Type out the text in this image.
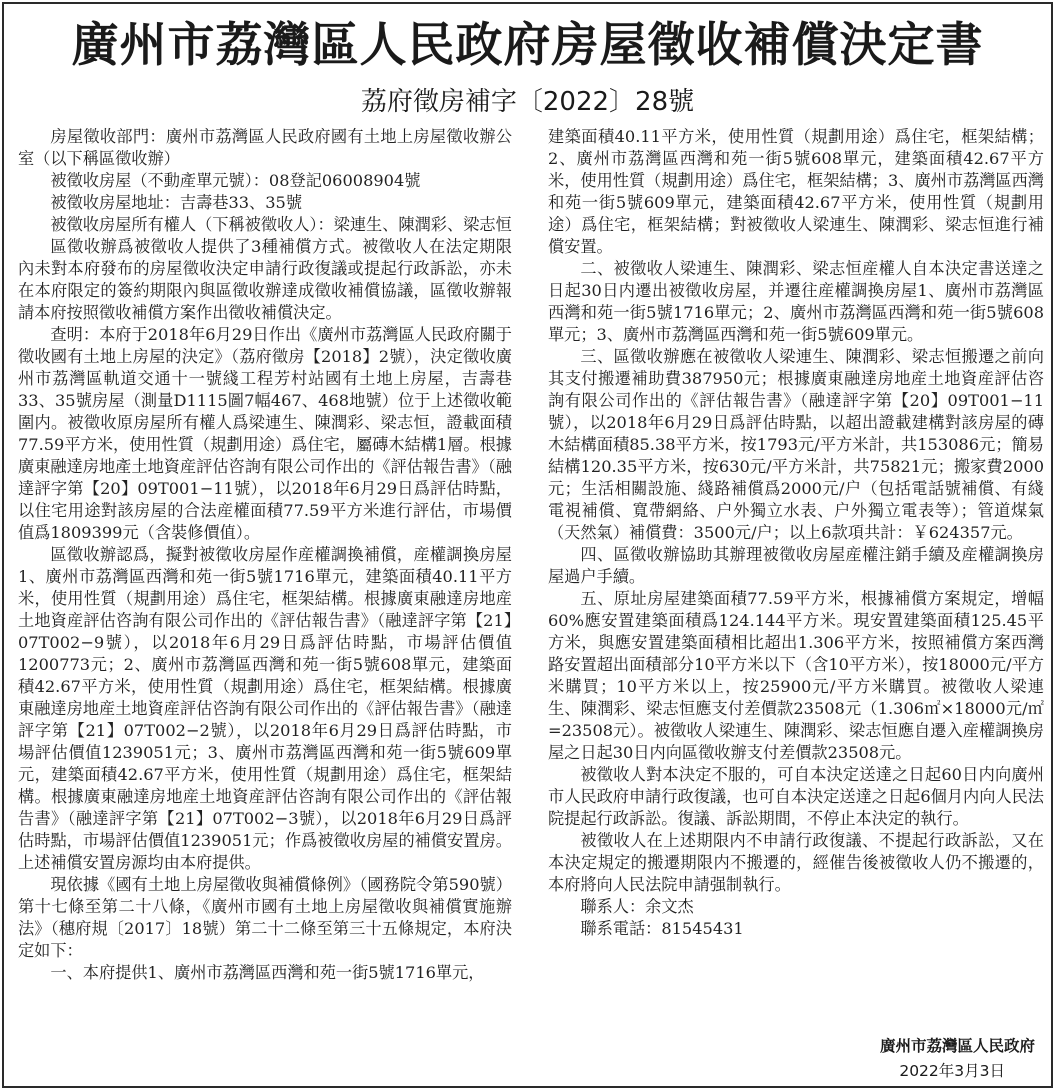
廣州市荔灣區人民政府房屋徵收補償決定書
荔府徵房補字〔2022〕28號

房屋徵收部門：廣州市荔灣區人民政府國有土地上房屋徵收辦公室（以下稱區徵收辦）

被徵收房屋（不動產單元號）：08登記06008904號

被徵收房屋地址：吉壽巷33、35號

被徵收房屋所有權人（下稱被徵收人）：梁連生、陳潤彩、梁志恒

區徵收辦爲被徵收人提供了3種補償方式。被徵收人在法定期限內未對本府發布的房屋徵收決定申請行政復議或提起行政訴訟，亦未在本府限定的簽約期限內與區徵收辦達成徵收補償協議，區徵收辦報請本府按照徵收補償方案作出徵收補償決定。

查明：本府于2018年6月29日作出《廣州市荔灣區人民政府關于徵收國有土地上房屋的決定》（荔府徵房【2018】2號），決定徵收廣州市荔灣區軌道交通十一號綫工程芳村站國有土地上房屋，吉壽巷33、35號房屋（測量D1115圖7幅467、468地號）位于上述徵收範圍内。被徵收原房屋所有權人爲梁連生、陳潤彩、梁志恒，證載面積77.59平方米，使用性質（規劃用途）爲住宅，屬磚木結構1層。根據廣東融達房地產土地資産評估咨詢有限公司作出的《評估報告書》（融達評字第【20】09T001−11號），以2018年6月29日爲評估時點，以住宅用途對該房屋的合法産權面積77.59平方米進行評估，市場價值爲1809399元（含裝修價值）。

區徵收辦認爲，擬對被徵收房屋作産權調換補償，産權調換房屋1、廣州市荔灣區西灣和苑一街5號1716單元，建築面積40.11平方米，使用性質（規劃用途）爲住宅，框架結構。根據廣東融達房地産土地資産評估咨詢有限公司作出的《評估報告書》（融達評字第【21】07T002−9號），以2018年6月29日爲評估時點，市場評估價值1200773元；2、廣州市荔灣區西灣和苑一街5號608單元，建築面積42.67平方米，使用性質（規劃用途）爲住宅，框架結構。根據廣東融達房地産土地資産評估咨詢有限公司作出的《評估報告書》（融達評字第【21】07T002−2號），以2018年6月29日爲評估時點，市場評估價值1239051元；3、廣州市荔灣區西灣和苑一街5號609單元，建築面積42.67平方米，使用性質（規劃用途）爲住宅，框架結構。根據廣東融達房地産土地資産評估咨詢有限公司作出的《評估報告書》（融達評字第【21】07T002−3號），以2018年6月29日爲評估時點，市場評估價值1239051元；作爲被徵收房屋的補償安置房。上述補償安置房源均由本府提供。

現依據《國有土地上房屋徵收與補償條例》（國務院令第590號）第十七條至第二十八條，《廣州市國有土地上房屋徵收與補償實施辦法》（穗府規〔2017〕18號）第二十二條至第三十五條規定，本府決定如下：

一、本府提供1、廣州市荔灣區西灣和苑一街5號1716單元，

建築面積40.11平方米，使用性質（規劃用途）爲住宅，框架結構；2、廣州市荔灣區西灣和苑一街5號608單元，建築面積42.67平方米，使用性質（規劃用途）爲住宅，框架結構；3、廣州市荔灣區西灣和苑一街5號609單元，建築面積42.67平方米，使用性質（規劃用途）爲住宅，框架結構；對被徵收人梁連生、陳潤彩、梁志恒進行補償安置。

二、被徵收人梁連生、陳潤彩、梁志恒産權人自本決定書送達之日起30日内遷出被徵收房屋，并遷往産權調換房屋1、廣州市荔灣區西灣和苑一街5號1716單元；2、廣州市荔灣區西灣和苑一街5號608單元；3、廣州市荔灣區西灣和苑一街5號609單元。

三、區徵收辦應在被徵收人梁連生、陳潤彩、梁志恒搬遷之前向其支付搬遷補助費387950元；根據廣東融達房地産土地資産評估咨詢有限公司作出的《評估報告書》（融達評字第【20】09T001−11號），以2018年6月29日爲評估時點，以超出證載建構對該房屋的磚木結構面積85.38平方米，按1793元/平方米計，共153086元；簡易結構120.35平方米，按630元/平方米計，共75821元；搬家費2000元；生活相關設施、綫路補償爲2000元/户（包括電話號補償、有綫電視補償、寬帶網絡、户外獨立水表、户外獨立電表等）；管道煤氣（天然氣）補償費：3500元/户；以上6款項共計：￥624357元。

四、區徵收辦協助其辦理被徵收房屋産權注銷手續及産權調換房屋過户手續。

五、原址房屋建築面積77.59平方米，根據補償方案規定，增幅60%應安置建築面積爲124.144平方米。現安置建築面積125.45平方米，與應安置建築面積相比超出1.306平方米，按照補償方案西灣路安置超出面積部分10平方米以下（含10平方米），按18000元/平方米購買；10平方米以上，按25900元/平方米購買。被徵收人梁連生、陳潤彩、梁志恒應支付差價款23508元（1.306㎡×18000元/㎡=23508元）。被徵收人梁連生、陳潤彩、梁志恒應自遷入産權調換房屋之日起30日内向區徵收辦支付差價款23508元。

被徵收人對本決定不服的，可自本決定送達之日起60日内向廣州市人民政府申請行政復議，也可自本決定送達之日起6個月内向人民法院提起行政訴訟。復議、訴訟期間，不停止本決定的執行。

被徵收人在上述期限内不申請行政復議、不提起行政訴訟，又在本決定規定的搬遷期限内不搬遷的，經催告後被徵收人仍不搬遷的，本府將向人民法院申請强制執行。

聯系人：余文杰

聯系電話：81545431

廣州市荔灣區人民政府
2022年3月3日
